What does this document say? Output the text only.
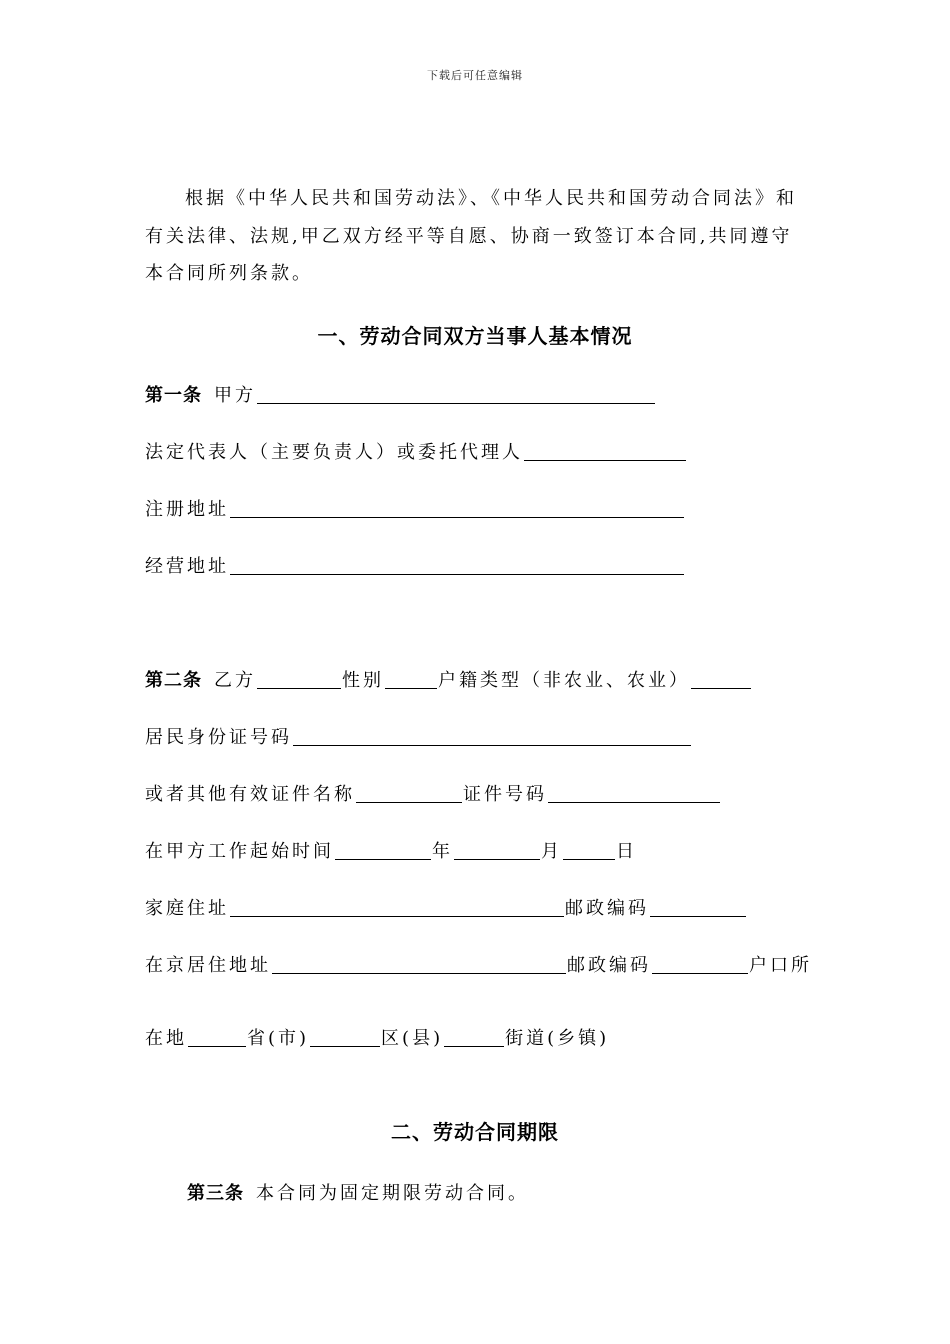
下载后可任意编辑

根据《中华人民共和国劳动法》、《中华人民共和国劳动合同法》和有关法律、法规,甲乙双方经平等自愿、协商一致签订本合同,共同遵守本合同所列条款。

一、劳动合同双方当事人基本情况
第一条 甲方
法定代表人（主要负责人）或委托代理人
注册地址
经营地址
第二条 乙方	性别	户籍类型（非农业、农业）
居民身份证号码
或者其他有效证件名称	证件号码
在甲方工作起始时间	年	月	日
家庭住址	邮政编码
在京居住地址	邮政编码	户口所
在地	省(市)	区(县)	街道(乡镇)
二、劳动合同期限
第三条 本合同为固定期限劳动合同。
